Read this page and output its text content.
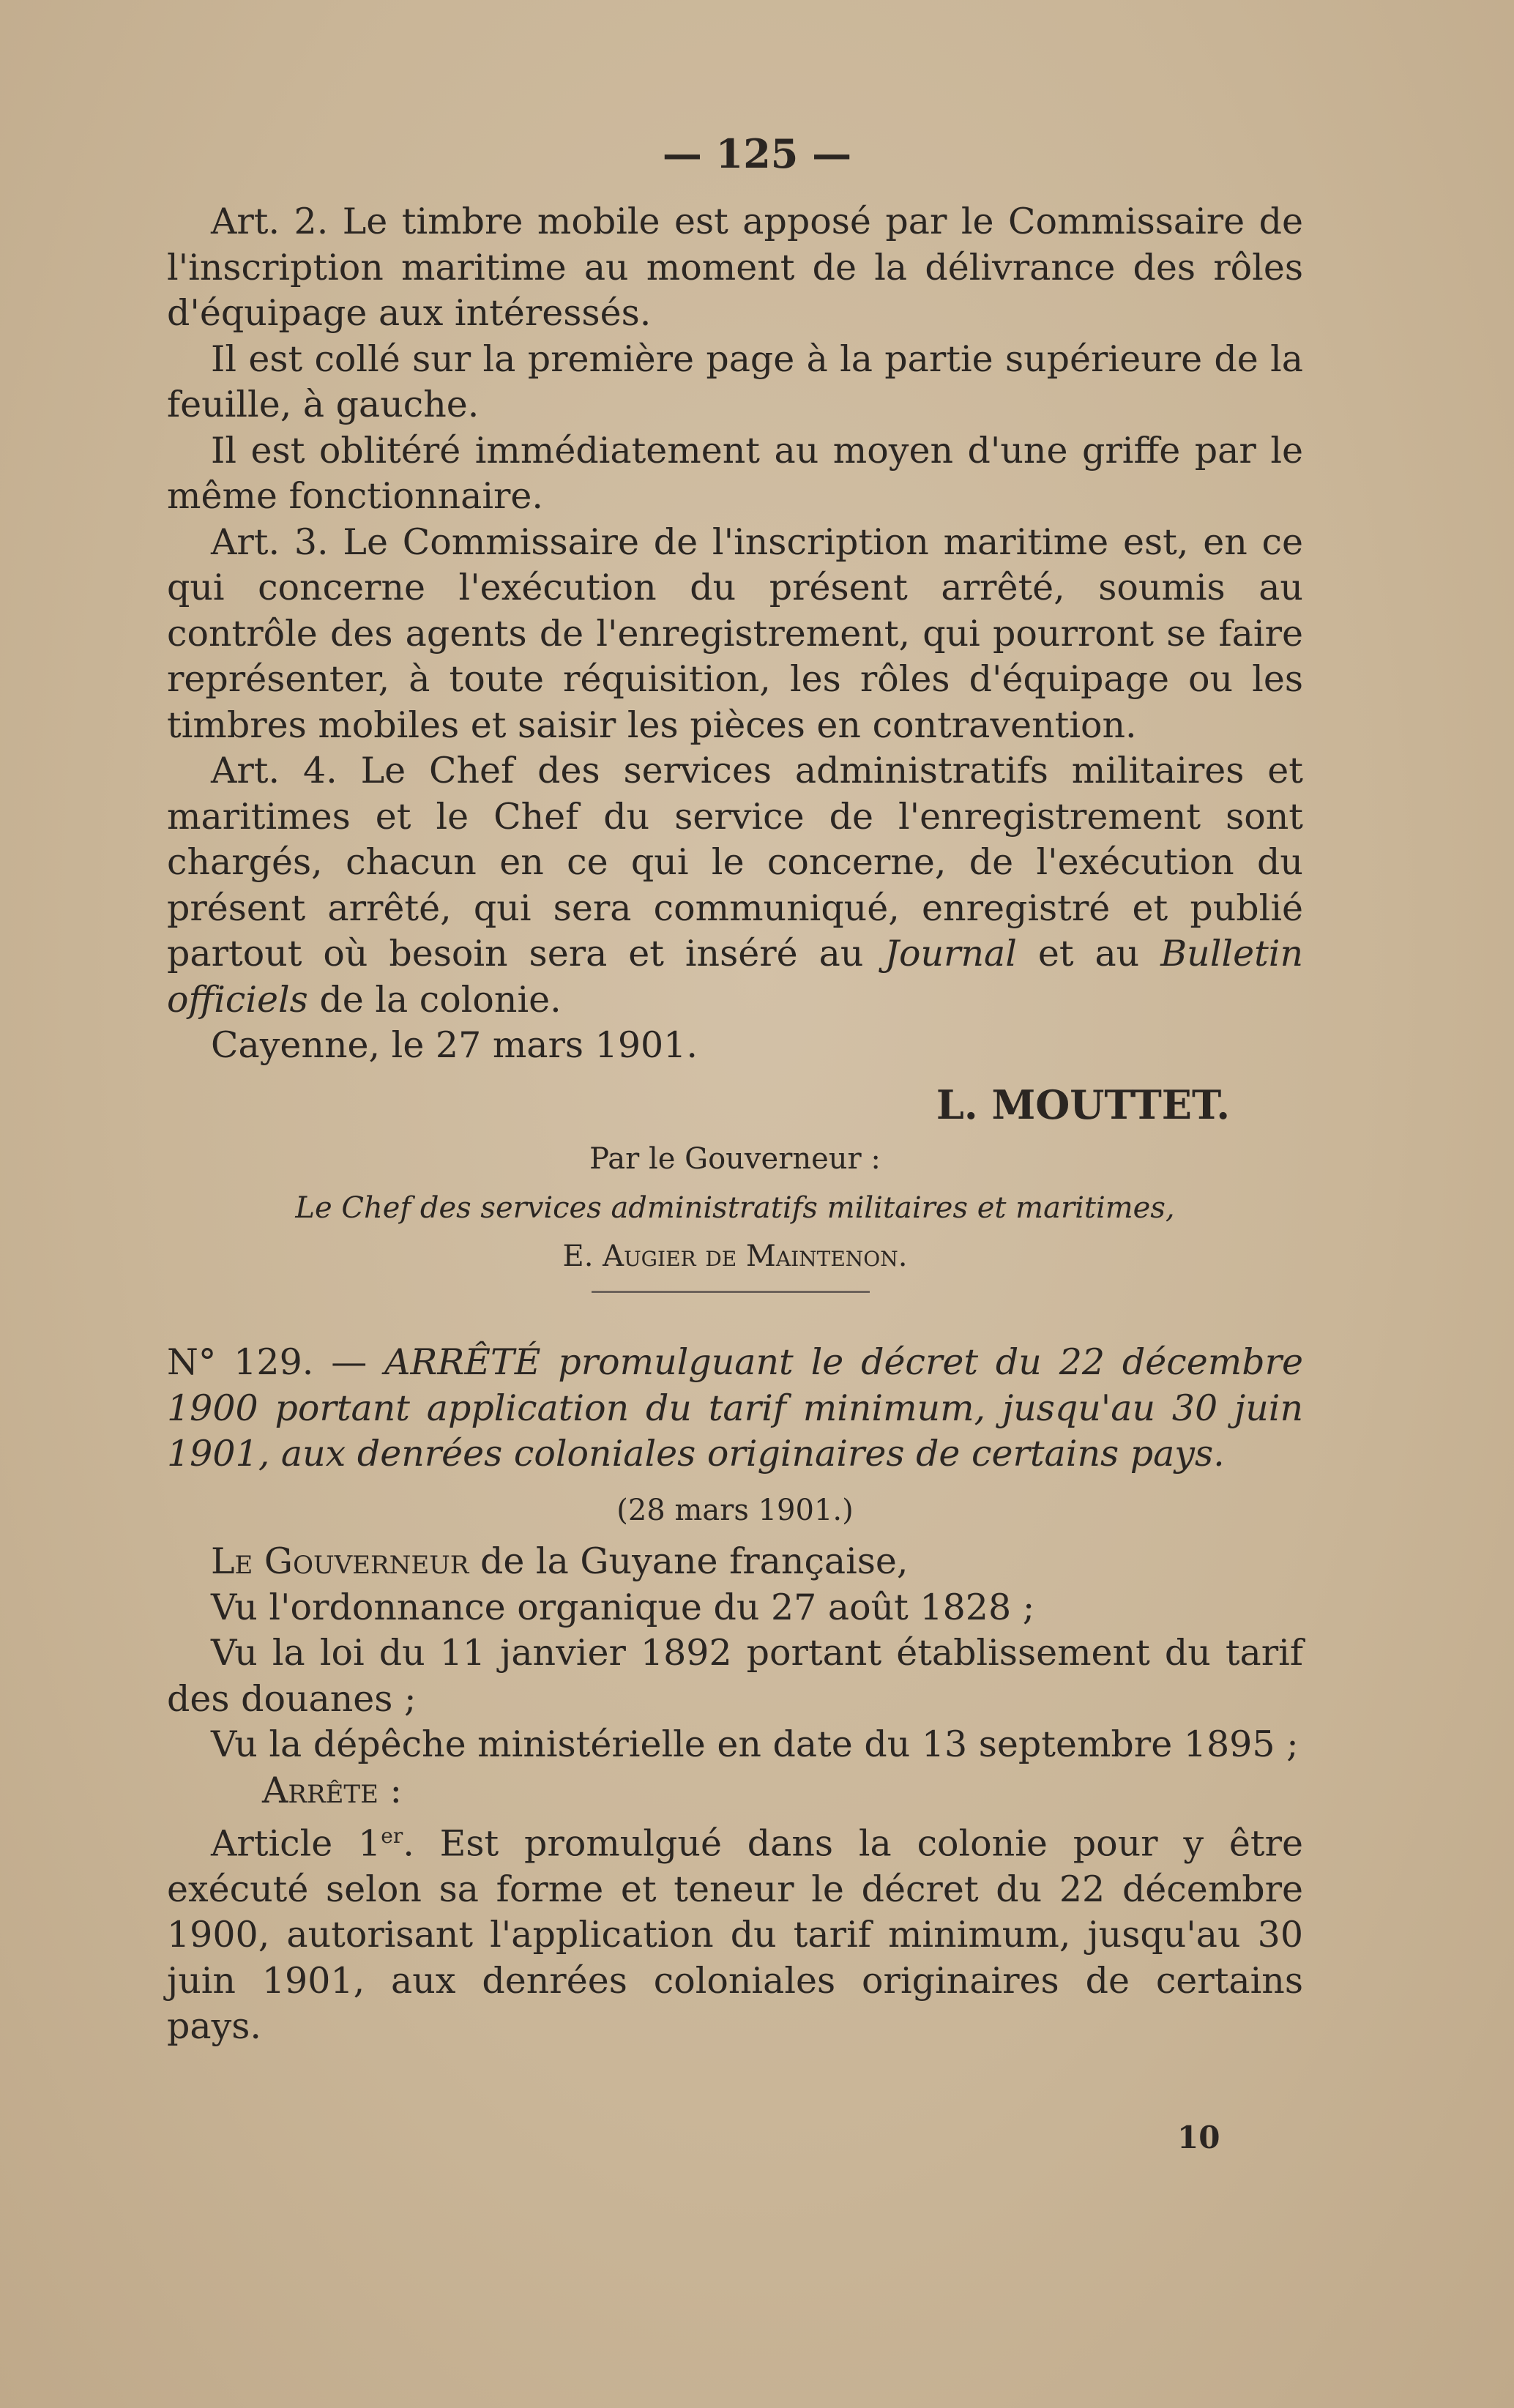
— 125 —

Art. 2. Le timbre mobile est apposé par le Commissaire de l'inscription maritime au moment de la délivrance des rôles d'équipage aux intéressés.

Il est collé sur la première page à la partie supérieure de la feuille, à gauche.

Il est oblitéré immédiatement au moyen d'une griffe par le même fonctionnaire.

Art. 3. Le Commissaire de l'inscription maritime est, en ce qui concerne l'exécution du présent arrêté, soumis au contrôle des agents de l'enregistrement, qui pourront se faire représenter, à toute réquisition, les rôles d'équipage ou les timbres mobiles et saisir les pièces en contravention.

Art. 4. Le Chef des services administratifs militaires et maritimes et le Chef du service de l'enregistrement sont chargés, chacun en ce qui le concerne, de l'exécution du présent arrêté, qui sera communiqué, enregistré et publié partout où besoin sera et inséré au Journal et au Bulletin officiels de la colonie.

Cayenne, le 27 mars 1901.

L. MOUTTET.

Par le Gouverneur :

Le Chef des services administratifs militaires et maritimes,

E. Augier de Maintenon.

N° 129. — ARRÊTÉ promulguant le décret du 22 décembre 1900 portant application du tarif minimum, jusqu'au 30 juin 1901, aux denrées coloniales originaires de certains pays.

(28 mars 1901.)

Le Gouverneur de la Guyane française,

Vu l'ordonnance organique du 27 août 1828 ;

Vu la loi du 11 janvier 1892 portant établissement du tarif des douanes ;

Vu la dépêche ministérielle en date du 13 septembre 1895 ;

Arrête :

Article 1er. Est promulgué dans la colonie pour y être exécuté selon sa forme et teneur le décret du 22 décembre 1900, autorisant l'application du tarif minimum, jusqu'au 30 juin 1901, aux denrées coloniales originaires de certains pays.

10
